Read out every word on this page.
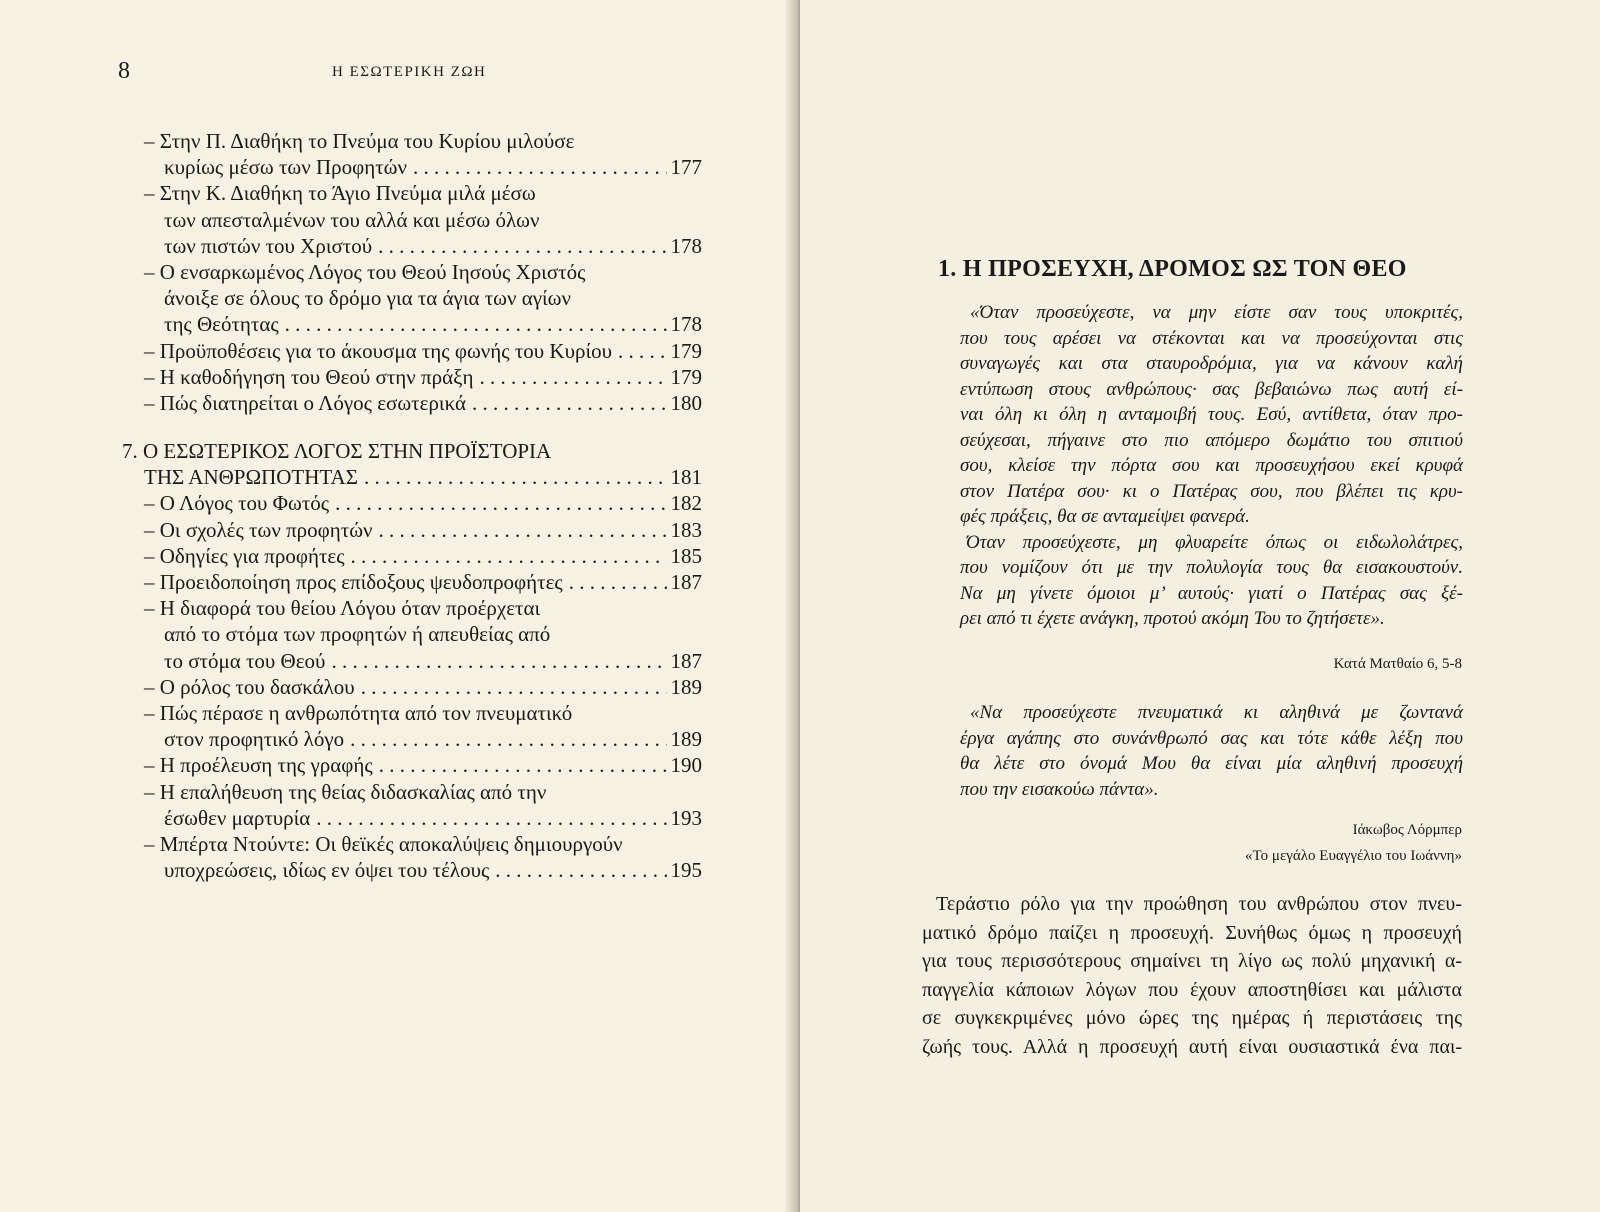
8	Η ΕΣΩΤΕΡΙΚΗ ΖΩΗ
– Στην Π. Διαθήκη το Πνεύμα του Κυρίου μιλούσε
κυρίως μέσω των Προφητών . . .	177
– Στην Κ. Διαθήκη το Άγιο Πνεύμα μιλά μέσω
των απεσταλμένων του αλλά και μέσω όλων
των πιστών του Χριστού . . .	178
– Ο ενσαρκωμένος Λόγος του Θεού Ιησούς Χριστός
άνοιξε σε όλους το δρόμο για τα άγια των αγίων
της Θεότητας . . .	178
– Προϋποθέσεις για το άκουσμα της φωνής του Κυρίου . . .	179
– Η καθοδήγηση του Θεού στην πράξη . . .	179
– Πώς διατηρείται ο Λόγος εσωτερικά . . .	180
7. Ο ΕΣΩΤΕΡΙΚΟΣ ΛΟΓΟΣ ΣΤΗΝ ΠΡΟΪΣΤΟΡΙΑ
ΤΗΣ ΑΝΘΡΩΠΟΤΗΤΑΣ . . .	181
– Ο Λόγος του Φωτός . . .	182
– Οι σχολές των προφητών . . .	183
– Οδηγίες για προφήτες . . .	185
– Προειδοποίηση προς επίδοξους ψευδοπροφήτες . . .	187
– Η διαφορά του θείου Λόγου όταν προέρχεται
από το στόμα των προφητών ή απευθείας από
το στόμα του Θεού . . .	187
– Ο ρόλος του δασκάλου . . .	189
– Πώς πέρασε η ανθρωπότητα από τον πνευματικό
στον προφητικό λόγο . . .	189
– Η προέλευση της γραφής . . .	190
– Η επαλήθευση της θείας διδασκαλίας από την
έσωθεν μαρτυρία . . .	193
– Μπέρτα Ντούντε: Οι θεϊκές αποκαλύψεις δημιουργούν
υποχρεώσεις, ιδίως εν όψει του τέλους . . .	195
1. Η ΠΡΟΣΕΥΧΗ, ΔΡΟΜΟΣ ΩΣ ΤΟΝ ΘΕΟ
«Όταν προσεύχεστε, να μην είστε σαν τους υποκριτές,
που τους αρέσει να στέκονται και να προσεύχονται στις
συναγωγές και στα σταυροδρόμια, για να κάνουν καλή
εντύπωση στους ανθρώπους· σας βεβαιώνω πως αυτή εί-
ναι όλη κι όλη η ανταμοιβή τους. Εσύ, αντίθετα, όταν προ-
σεύχεσαι, πήγαινε στο πιο απόμερο δωμάτιο του σπιτιού
σου, κλείσε την πόρτα σου και προσευχήσου εκεί κρυφά
στον Πατέρα σου· κι ο Πατέρας σου, που βλέπει τις κρυ-
φές πράξεις, θα σε ανταμείψει φανερά.
Όταν προσεύχεστε, μη φλυαρείτε όπως οι ειδωλολάτρες,
που νομίζουν ότι με την πολυλογία τους θα εισακουστούν.
Να μη γίνετε όμοιοι μ’ αυτούς· γιατί ο Πατέρας σας ξέ-
ρει από τι έχετε ανάγκη, προτού ακόμη Του το ζητήσετε».
Κατά Ματθαίο 6, 5-8
«Να προσεύχεστε πνευματικά κι αληθινά με ζωντανά
έργα αγάπης στο συνάνθρωπό σας και τότε κάθε λέξη που
θα λέτε στο όνομά Μου θα είναι μία αληθινή προσευχή
που την εισακούω πάντα».
Ιάκωβος Λόρμπερ
«Το μεγάλο Ευαγγέλιο του Ιωάννη»
Τεράστιο ρόλο για την προώθηση του ανθρώπου στον πνευ-
ματικό δρόμο παίζει η προσευχή. Συνήθως όμως η προσευχή
για τους περισσότερους σημαίνει τη λίγο ως πολύ μηχανική α-
παγγελία κάποιων λόγων που έχουν αποστηθίσει και μάλιστα
σε συγκεκριμένες μόνο ώρες της ημέρας ή περιστάσεις της
ζωής τους. Αλλά η προσευχή αυτή είναι ουσιαστικά ένα παι-
